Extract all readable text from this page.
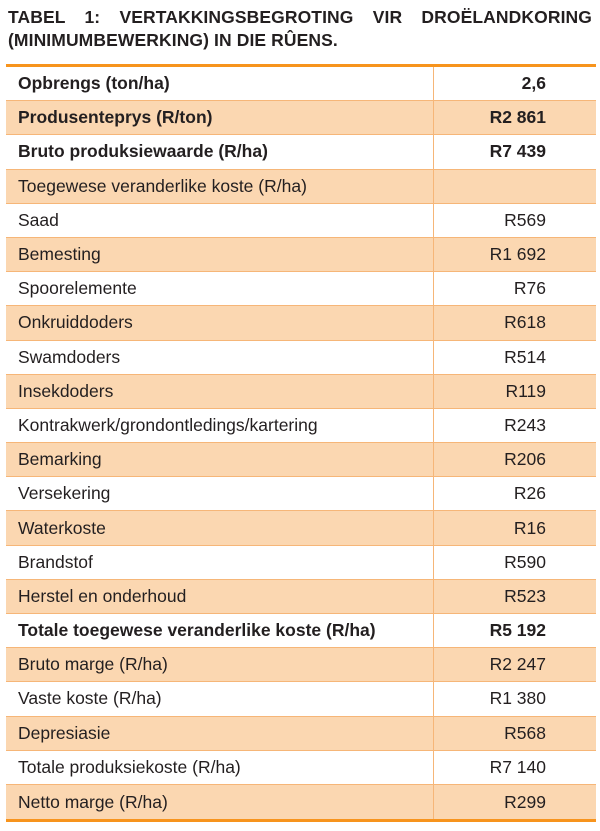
TABEL 1: VERTAKKINGSBEGROTING VIR DROËLANDKORING (MINIMUMBEWERKING) IN DIE RÛENS.
Opbrengs (ton/ha)	2,6
Produsenteprys (R/ton)	R2 861
Bruto produksiewaarde (R/ha)	R7 439
Toegewese veranderlike koste (R/ha)
Saad	R569
Bemesting	R1 692
Spoorelemente	R76
Onkruiddoders	R618
Swamdoders	R514
Insekdoders	R119
Kontrakwerk/grondontledings/kartering	R243
Bemarking	R206
Versekering	R26
Waterkoste	R16
Brandstof	R590
Herstel en onderhoud	R523
Totale toegewese veranderlike koste (R/ha)	R5 192
Bruto marge (R/ha)	R2 247
Vaste koste (R/ha)	R1 380
Depresiasie	R568
Totale produksiekoste (R/ha)	R7 140
Netto marge (R/ha)	R299
